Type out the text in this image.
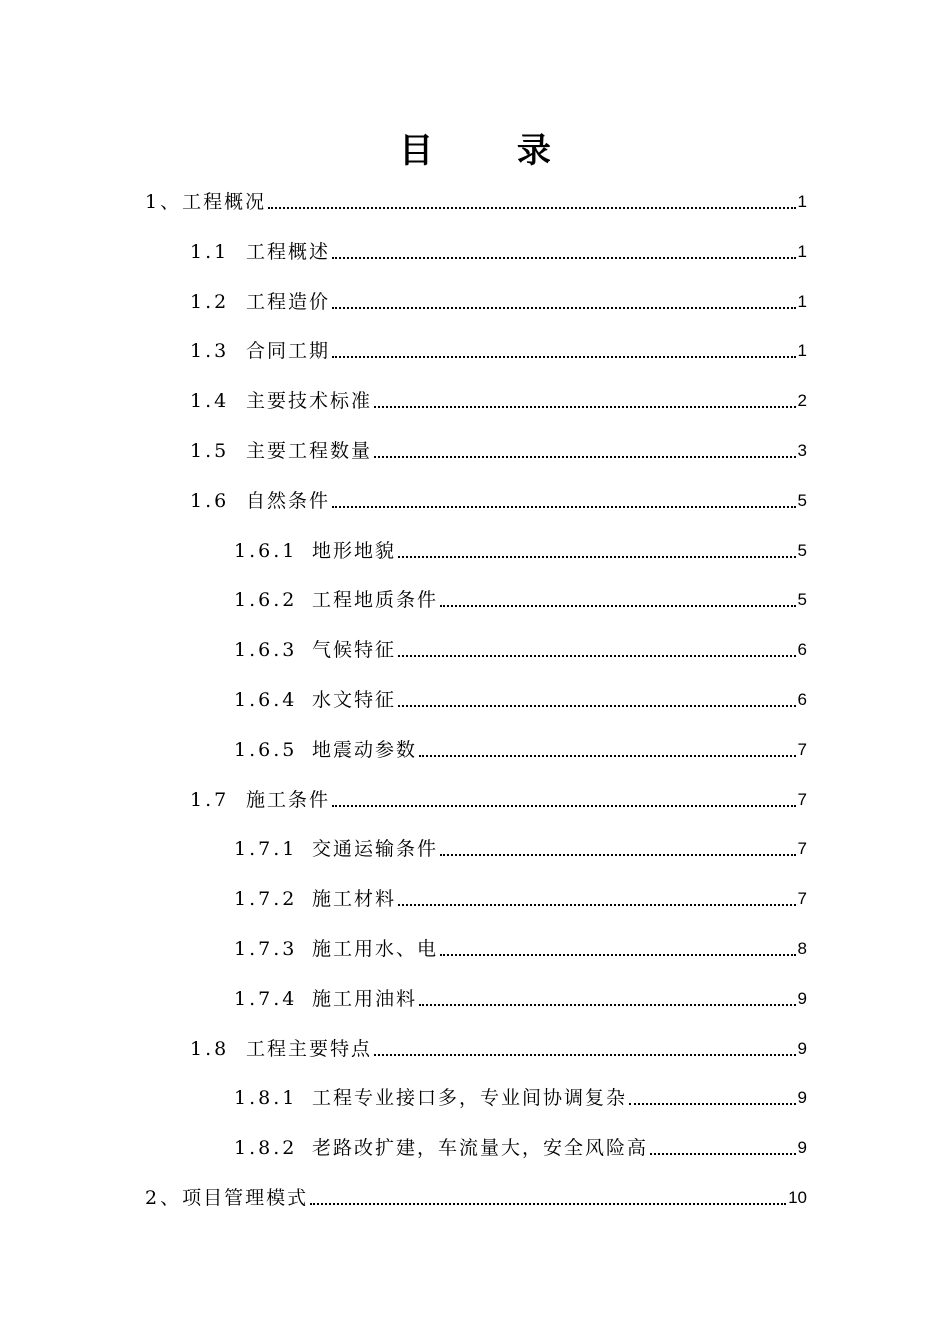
目 录
1、 工程概况	1
1.1 工程概述	1
1.2 工程造价	1
1.3 合同工期	1
1.4 主要技术标准	2
1.5 主要工程数量	3
1.6 自然条件	5
1.6.1 地形地貌	5
1.6.2 工程地质条件	5
1.6.3 气候特征	6
1.6.4 水文特征	6
1.6.5 地震动参数	7
1.7 施工条件	7
1.7.1 交通运输条件	7
1.7.2 施工材料	7
1.7.3 施工用水、电	8
1.7.4 施工用油料	9
1.8 工程主要特点	9
1.8.1 工程专业接口多，专业间协调复杂	9
1.8.2 老路改扩建，车流量大，安全风险高	9
2、 项目管理模式	10
